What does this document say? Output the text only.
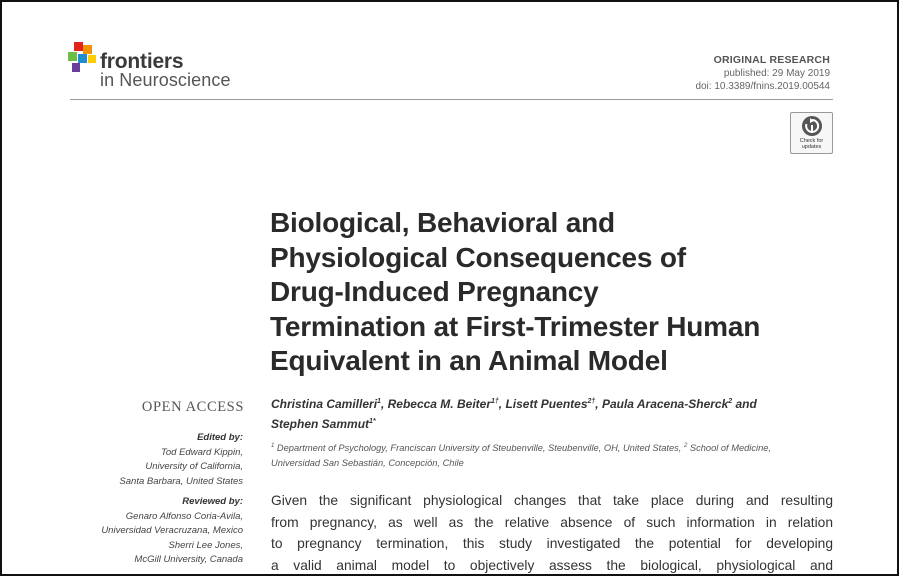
frontiers
in Neuroscience
ORIGINAL RESEARCH
published: 29 May 2019
doi: 10.3389/fnins.2019.00544
Check for
updates
Biological, Behavioral and
Physiological Consequences of
Drug-Induced Pregnancy
Termination at First-Trimester Human
Equivalent in an Animal Model
Christina Camilleri$^1$, Rebecca M. Beiter$^{1\dagger}$, Lisett Puentes$^{2\dagger}$, Paula Aracena-Sherck$^2$ and
Stephen Sammut$^{1*}$
$^1$ Department of Psychology, Franciscan University of Steubenville, Steubenville, OH, United States, $^2$ School of Medicine,
Universidad San Sebastián, Concepción, Chile
OPEN ACCESS
Edited by:
Tod Edward Kippin,
University of California,
Santa Barbara, United States
Reviewed by:
Genaro Alfonso Coria-Avila,
Universidad Veracruzana, Mexico
Sherri Lee Jones,
McGill University, Canada
Given the significant physiological changes that take place during and resulting
from pregnancy, as well as the relative absence of such information in relation
to pregnancy termination, this study investigated the potential for developing
a valid animal model to objectively assess the biological, physiological and
